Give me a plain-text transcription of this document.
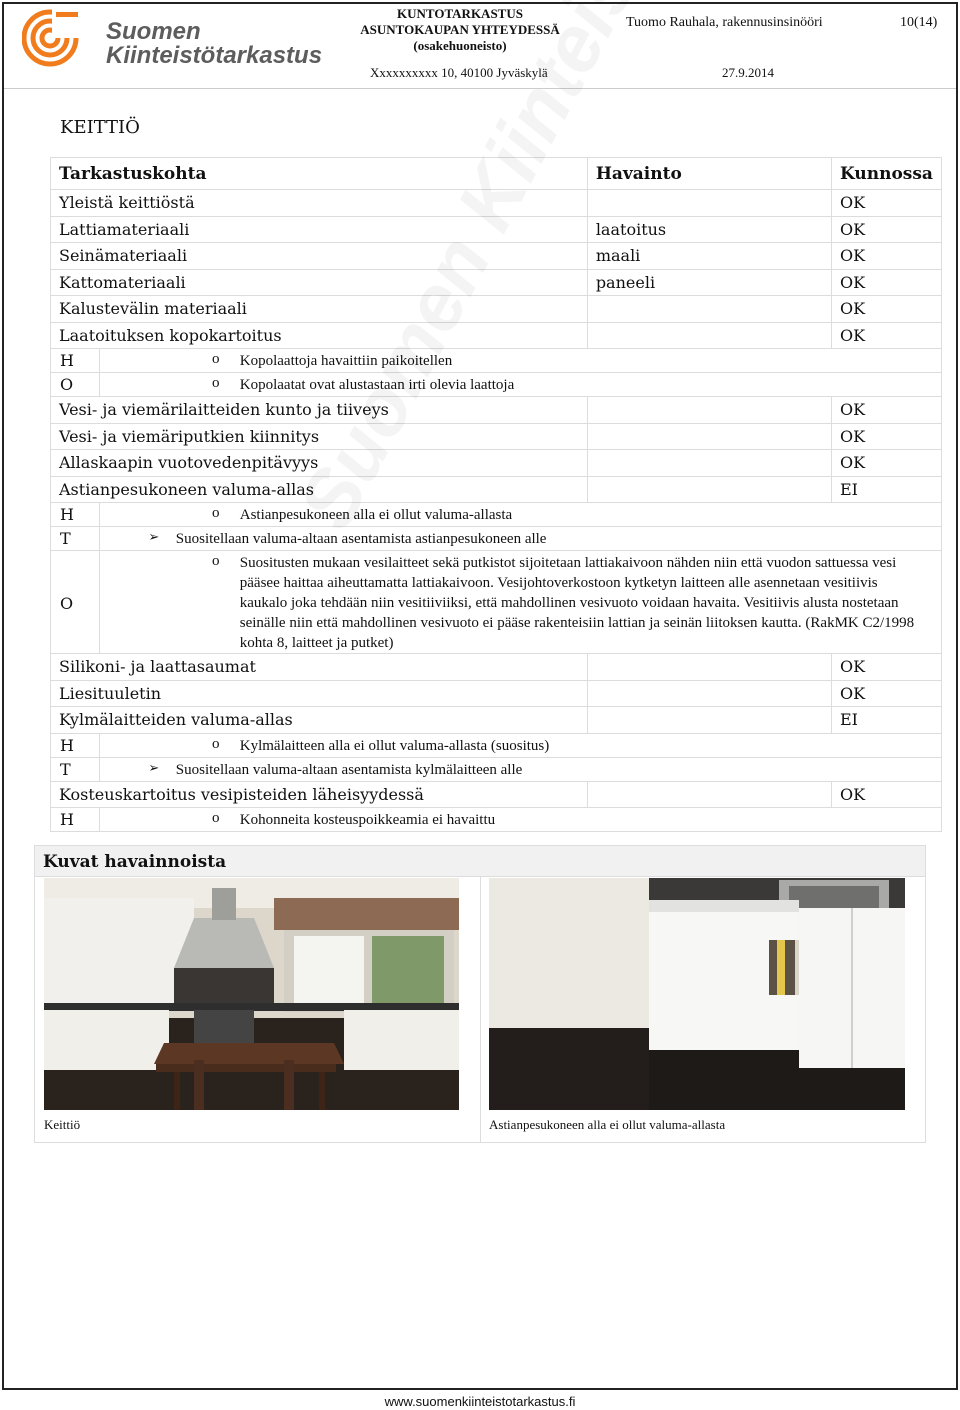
Suomen
Kiinteistötarkastus
KUNTOTARKASTUS
ASUNTOKAUPAN YHTEYDESSÄ
(osakehuoneisto)
Tuomo Rauhala, rakennusinsinööri	10(14)
Xxxxxxxxxx 10, 40100 Jyväskylä	27.9.2014
KEITTIÖ
Tarkastuskohta		Havainto	Kunnossa
Yleistä keittiöstä			OK
Lattiamateriaali		laatoitus	OK
Seinämateriaali		maali	OK
Kattomateriaali		paneeli	OK
Kalustevälin materiaali			OK
Laatoituksen kopokartoitus			OK
H	o Kopolaattoja havaittiin paikoitellen		

O	o Kopolaatat ovat alustastaan irti olevia laattoja		

Vesi- ja viemärilaitteiden kunto ja tiiveys			OK
Vesi- ja viemäriputkien kiinnitys			OK
Allaskaapin vuotovedenpitävyys			OK
Astianpesukoneen valuma-allas			EI
H	o Astianpesukoneen alla ei ollut valuma-allasta		

T	➢ Suositellaan valuma-altaan asentamista astianpesukoneen alle		

O	o Suositusten mukaan vesilaitteet sekä putkistot sijoitetaan lattiakaivoon nähden niin että vuodon sattuessa vesi pääsee haittaa aiheuttamatta lattiakaivoon. Vesijohtoverkostoon kytketyn laitteen alle asennetaan vesitiivis kaukalo joka tehdään niin vesitiiviiksi, että mahdollinen vesivuoto voidaan havaita. Vesitiivis alusta nostetaan seinälle niin että mahdollinen vesivuoto ei pääse rakenteisiin lattian ja seinän liitoksen kautta. (RakMK C2/1998 kohta 8, laitteet ja putket)		

Silikoni- ja laattasaumat			OK
Liesituuletin			OK
Kylmälaitteiden valuma-allas			EI
H	o Kylmälaitteen alla ei ollut valuma-allasta (suositus)		

T	➢ Suositellaan valuma-altaan asentamista kylmälaitteen alle		

Kosteuskartoitus vesipisteiden läheisyydessä			OK
H	o Kohonneita kosteuspoikkeamia ei havaittu		
Kuvat havainnoista
Keittiö	Astianpesukoneen alla ei ollut valuma-allasta
www.suomenkiinteistotarkastus.fi
